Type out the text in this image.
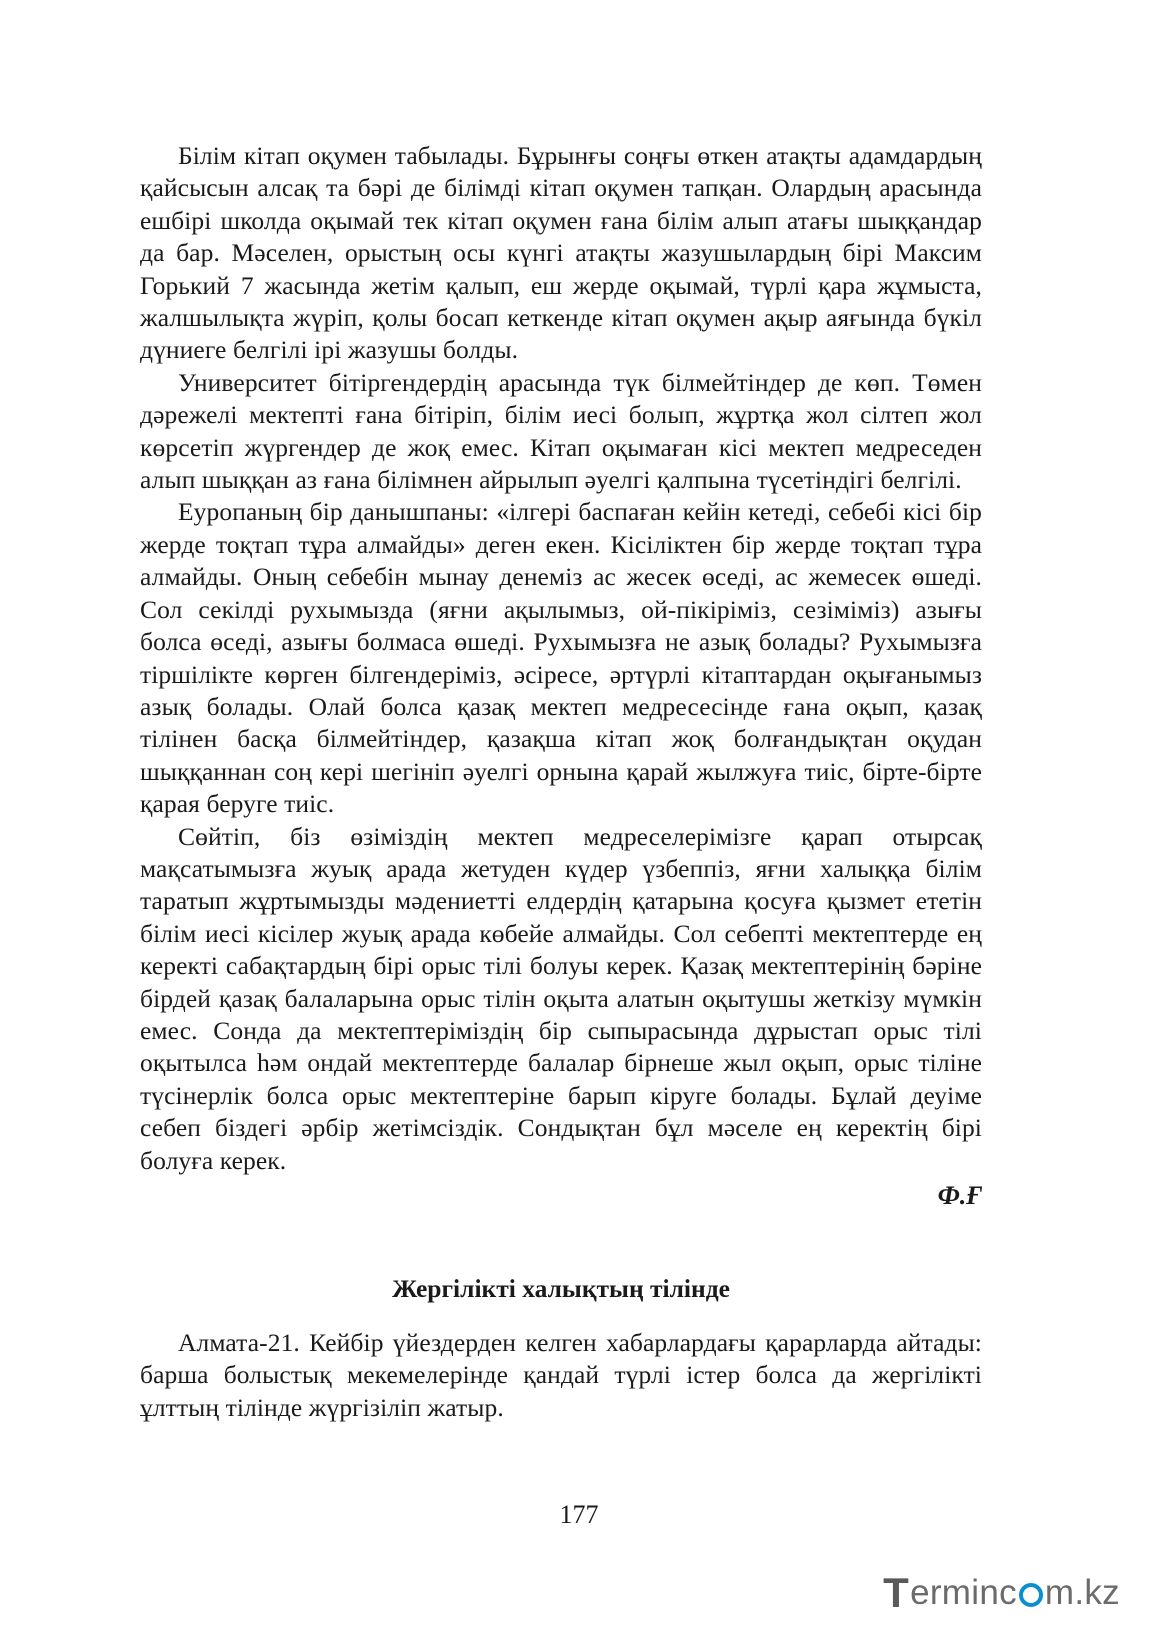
Білім кітап оқумен табылады. Бұрынғы соңғы өткен атақты адамдардың қайсысын алсақ та бәрі де білімді кітап оқумен тапқан. Олардың арасында ешбірі школда оқымай тек кітап оқумен ғана білім алып атағы шыққандар да бар. Мәселен, орыстың осы күнгі атақты жазушылардың бірі Максим Горький 7 жасында жетім қалып, еш жерде оқымай, түрлі қара жұмыста, жалшылықта жүріп, қолы босап кеткенде кітап оқумен ақыр аяғында бүкіл дүниеге белгілі ірі жазушы болды.

Университет бітіргендердің арасында түк білмейтіндер де көп. Төмен дәрежелі мектепті ғана бітіріп, білім иесі болып, жұртқа жол сілтеп жол көрсетіп жүргендер де жоқ емес. Кітап оқымаған кісі мектеп медреседен алып шыққан аз ғана білімнен айрылып әуелгі қалпына түсетіндігі белгілі.

Еуропаның бір данышпаны: «ілгері баспаған кейін кетеді, себебі кісі бір жерде тоқтап тұра алмайды» деген екен. Кісіліктен бір жерде тоқтап тұра алмайды. Оның себебін мынау денеміз ас жесек өседі, ас жемесек өшеді. Сол секілді рухымызда (яғни ақылымыз, ой-пікіріміз, сезіміміз) азығы болса өседі, азығы болмаса өшеді. Рухымызға не азық болады? Рухымызға тіршілікте көрген білгендеріміз, әсіресе, әртүрлі кітаптардан оқығанымыз азық болады. Олай болса қазақ мектеп медресесінде ғана оқып, қазақ тілінен басқа білмейтіндер, қазақша кітап жоқ болғандықтан оқудан шыққаннан соң кері шегініп әуелгі орнына қарай жылжуға тиіс, бірте-бірте қарая беруге тиіс.

Сөйтіп, біз өзіміздің мектеп медреселерімізге қарап отырсақ мақсатымызға жуық арада жетуден күдер үзбеппіз, яғни халыққа білім таратып жұртымызды мәдениетті елдердің қатарына қосуға қызмет ететін білім иесі кісілер жуық арада көбейе алмайды. Сол себепті мектептерде ең керекті сабақтардың бірі орыс тілі болуы керек. Қазақ мектептерінің бәріне бірдей қазақ балаларына орыс тілін оқыта алатын оқытушы жеткізу мүмкін емес. Сонда да мектептеріміздің бір сыпырасында дұрыстап орыс тілі оқытылса һәм ондай мектептерде балалар бірнеше жыл оқып, орыс тіліне түсінерлік болса орыс мектептеріне барып кіруге болады. Бұлай деуіме себеп біздегі әрбір жетімсіздік. Сондықтан бұл мәселе ең керектің бірі болуға керек.

Ф.Ғ
Жергілікті халықтың тілінде

Алмата-21. Кейбір үйездерден келген хабарлардағы қарарларда айтады: барша болыстық мекемелерінде қандай түрлі істер болса да жергілікті ұлттың тілінде жүргізіліп жатыр.

177
T erminc m.kz
